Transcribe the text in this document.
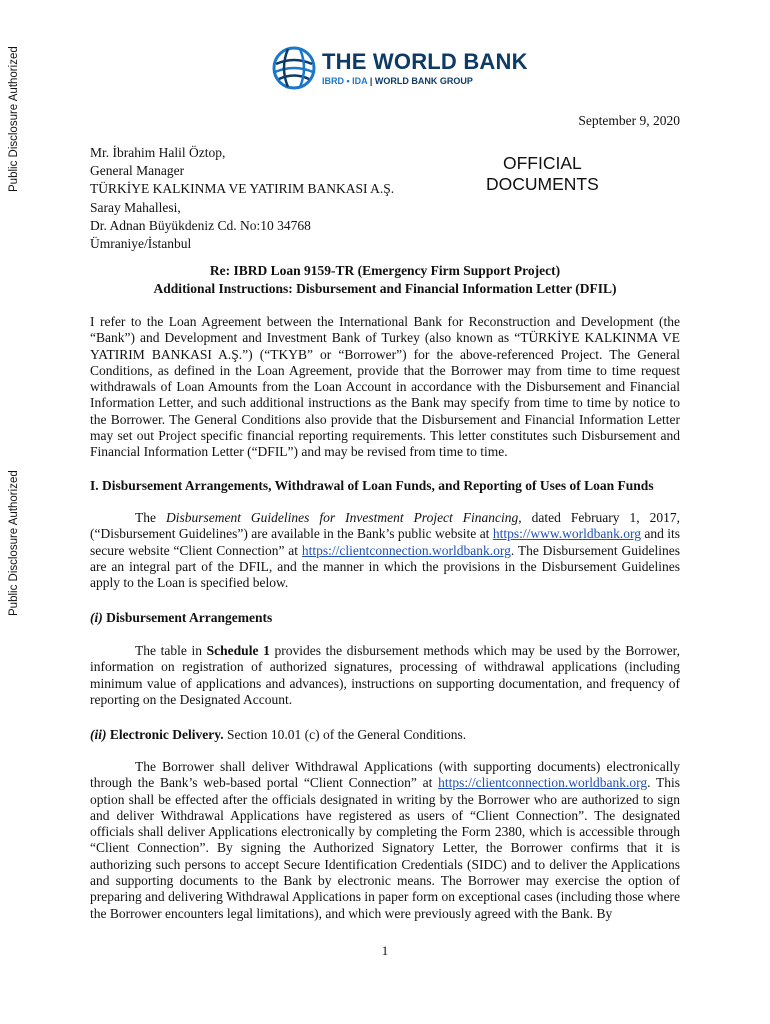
Public Disclosure Authorized
Public Disclosure Authorized
THE WORLD BANK
IBRD • IDA | WORLD BANK GROUP
September 9, 2020
Mr. İbrahim Halil Öztop,
General Manager
TÜRKİYE KALKINMA VE YATIRIM BANKASI A.Ş.
Saray Mahallesi,
Dr. Adnan Büyükdeniz Cd. No:10 34768
Ümraniye/İstanbul
OFFICIAL
DOCUMENTS
Re: IBRD Loan 9159-TR (Emergency Firm Support Project)
Additional Instructions: Disbursement and Financial Information Letter (DFIL)

I refer to the Loan Agreement between the International Bank for Reconstruction and Development (the “Bank”) and Development and Investment Bank of Turkey (also known as “TÜRKİYE KALKINMA VE YATIRIM BANKASI A.Ş.”) (“TKYB” or “Borrower”) for the above-referenced Project. The General Conditions, as defined in the Loan Agreement, provide that the Borrower may from time to time request withdrawals of Loan Amounts from the Loan Account in accordance with the Disbursement and Financial Information Letter, and such additional instructions as the Bank may specify from time to time by notice to the Borrower. The General Conditions also provide that the Disbursement and Financial Information Letter may set out Project specific financial reporting requirements. This letter constitutes such Disbursement and Financial Information Letter (“DFIL”) and may be revised from time to time.

I. Disbursement Arrangements, Withdrawal of Loan Funds, and Reporting of Uses of Loan Funds

The Disbursement Guidelines for Investment Project Financing, dated February 1, 2017, (“Disbursement Guidelines”) are available in the Bank’s public website at https://www.worldbank.org and its secure website “Client Connection” at https://clientconnection.worldbank.org. The Disbursement Guidelines are an integral part of the DFIL, and the manner in which the provisions in the Disbursement Guidelines apply to the Loan is specified below.

(i) Disbursement Arrangements

The table in Schedule 1 provides the disbursement methods which may be used by the Borrower, information on registration of authorized signatures, processing of withdrawal applications (including minimum value of applications and advances), instructions on supporting documentation, and frequency of reporting on the Designated Account.

(ii) Electronic Delivery. Section 10.01 (c) of the General Conditions.

The Borrower shall deliver Withdrawal Applications (with supporting documents) electronically through the Bank’s web-based portal “Client Connection” at https://clientconnection.worldbank.org. This option shall be effected after the officials designated in writing by the Borrower who are authorized to sign and deliver Withdrawal Applications have registered as users of “Client Connection”. The designated officials shall deliver Applications electronically by completing the Form 2380, which is accessible through “Client Connection”. By signing the Authorized Signatory Letter, the Borrower confirms that it is authorizing such persons to accept Secure Identification Credentials (SIDC) and to deliver the Applications and supporting documents to the Bank by electronic means. The Borrower may exercise the option of preparing and delivering Withdrawal Applications in paper form on exceptional cases (including those where the Borrower encounters legal limitations), and which were previously agreed with the Bank. By

1
